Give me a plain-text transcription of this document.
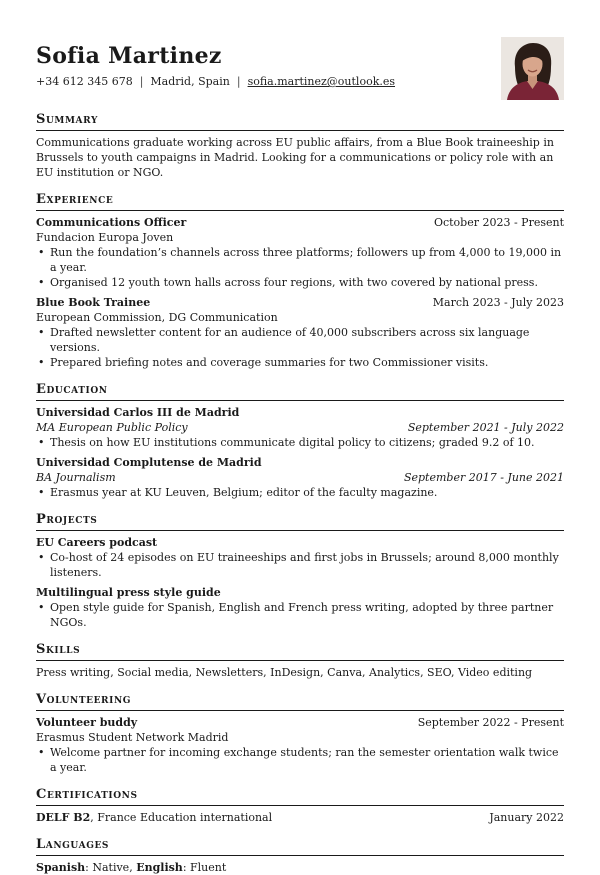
Sofia Martinez
+34 612 345 678 | Madrid, Spain | sofia.martinez@outlook.es
Summary
Communications graduate working across EU public affairs, from a Blue Book traineeship in Brussels to youth campaigns in Madrid. Looking for a communications or policy role with an EU institution or NGO.
Experience
Communications Officer	October 2023 - Present
Fundacion Europa Joven
• Run the foundation’s channels across three platforms; followers up from 4,000 to 19,000 in a year.
• Organised 12 youth town halls across four regions, with two covered by national press.
Blue Book Trainee	March 2023 - July 2023
European Commission, DG Communication
• Drafted newsletter content for an audience of 40,000 subscribers across six language versions.
• Prepared briefing notes and coverage summaries for two Commissioner visits.
Education
Universidad Carlos III de Madrid
MA European Public Policy	September 2021 - July 2022
• Thesis on how EU institutions communicate digital policy to citizens; graded 9.2 of 10.
Universidad Complutense de Madrid
BA Journalism	September 2017 - June 2021
• Erasmus year at KU Leuven, Belgium; editor of the faculty magazine.
Projects
EU Careers podcast
• Co-host of 24 episodes on EU traineeships and first jobs in Brussels; around 8,000 monthly listeners.
Multilingual press style guide
• Open style guide for Spanish, English and French press writing, adopted by three partner NGOs.
Skills
Press writing, Social media, Newsletters, InDesign, Canva, Analytics, SEO, Video editing
Volunteering
Volunteer buddy	September 2022 - Present
Erasmus Student Network Madrid
• Welcome partner for incoming exchange students; ran the semester orientation walk twice a year.
Certifications
DELF B2, France Education international	January 2022
Languages
Spanish: Native, English: Fluent
